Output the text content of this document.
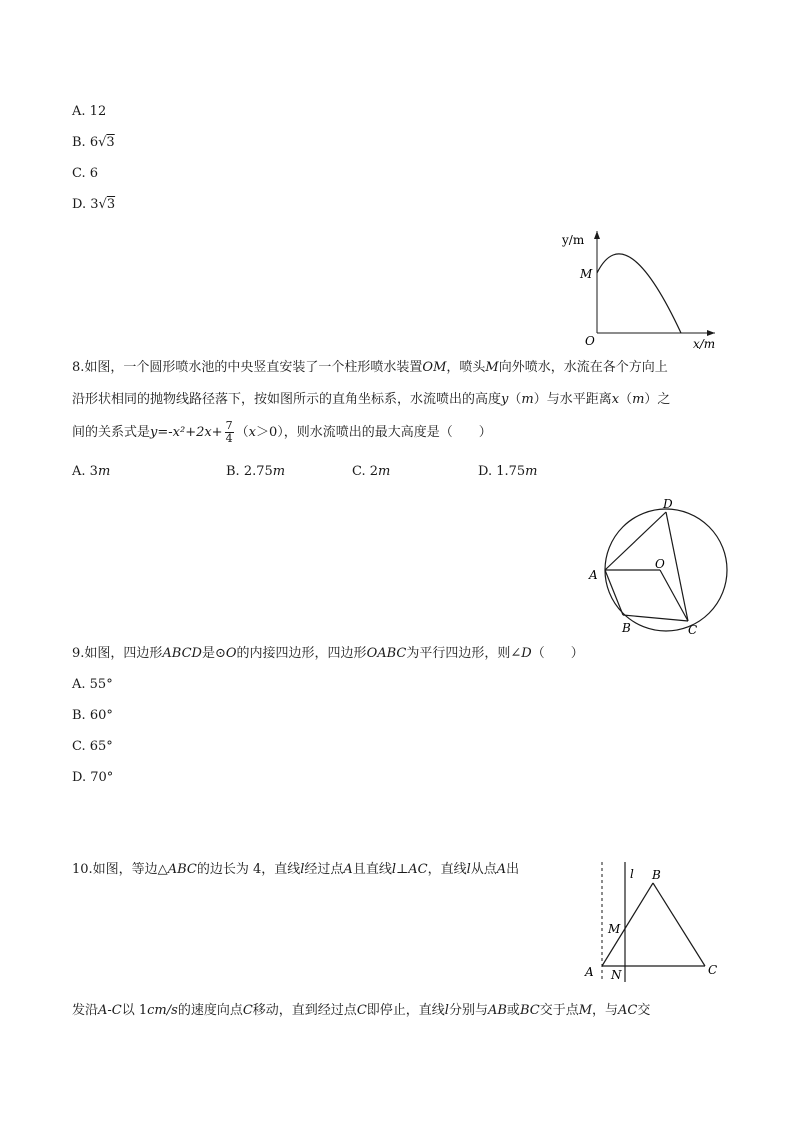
A. 12
B. 6√3
C. 6
D. 3√3
y/m
x/m
O
M
8.如图，一个圆形喷水池的中央竖直安装了一个柱形喷水装置OM，喷头M向外喷水，水流在各个方向上
沿形状相同的抛物线路径落下，按如图所示的直角坐标系，水流喷出的高度y（m）与水平距离x（m）之
间的关系式是$y=-x^2+2x+ \frac{7}{4} (x>0)$，则水流喷出的最大高度是（　　）
A. 3m	B. 2.75m	C. 2m	D. 1.75m
A
B	C
D
O
9.如图，四边形ABCD是⊙O的内接四边形，四边形OABC为平行四边形，则∠D（　　）
A. 55°
B. 60°
C. 65°
D. 70°
l B
M
A N	C
10.如图，等边△ABC的边长为 4，直线l经过点A且直线l⊥AC，直线l从点A出
发沿A-C以 1cm/s的速度向点C移动，直到经过点C即停止，直线l分别与AB或BC交于点M，与AC交
